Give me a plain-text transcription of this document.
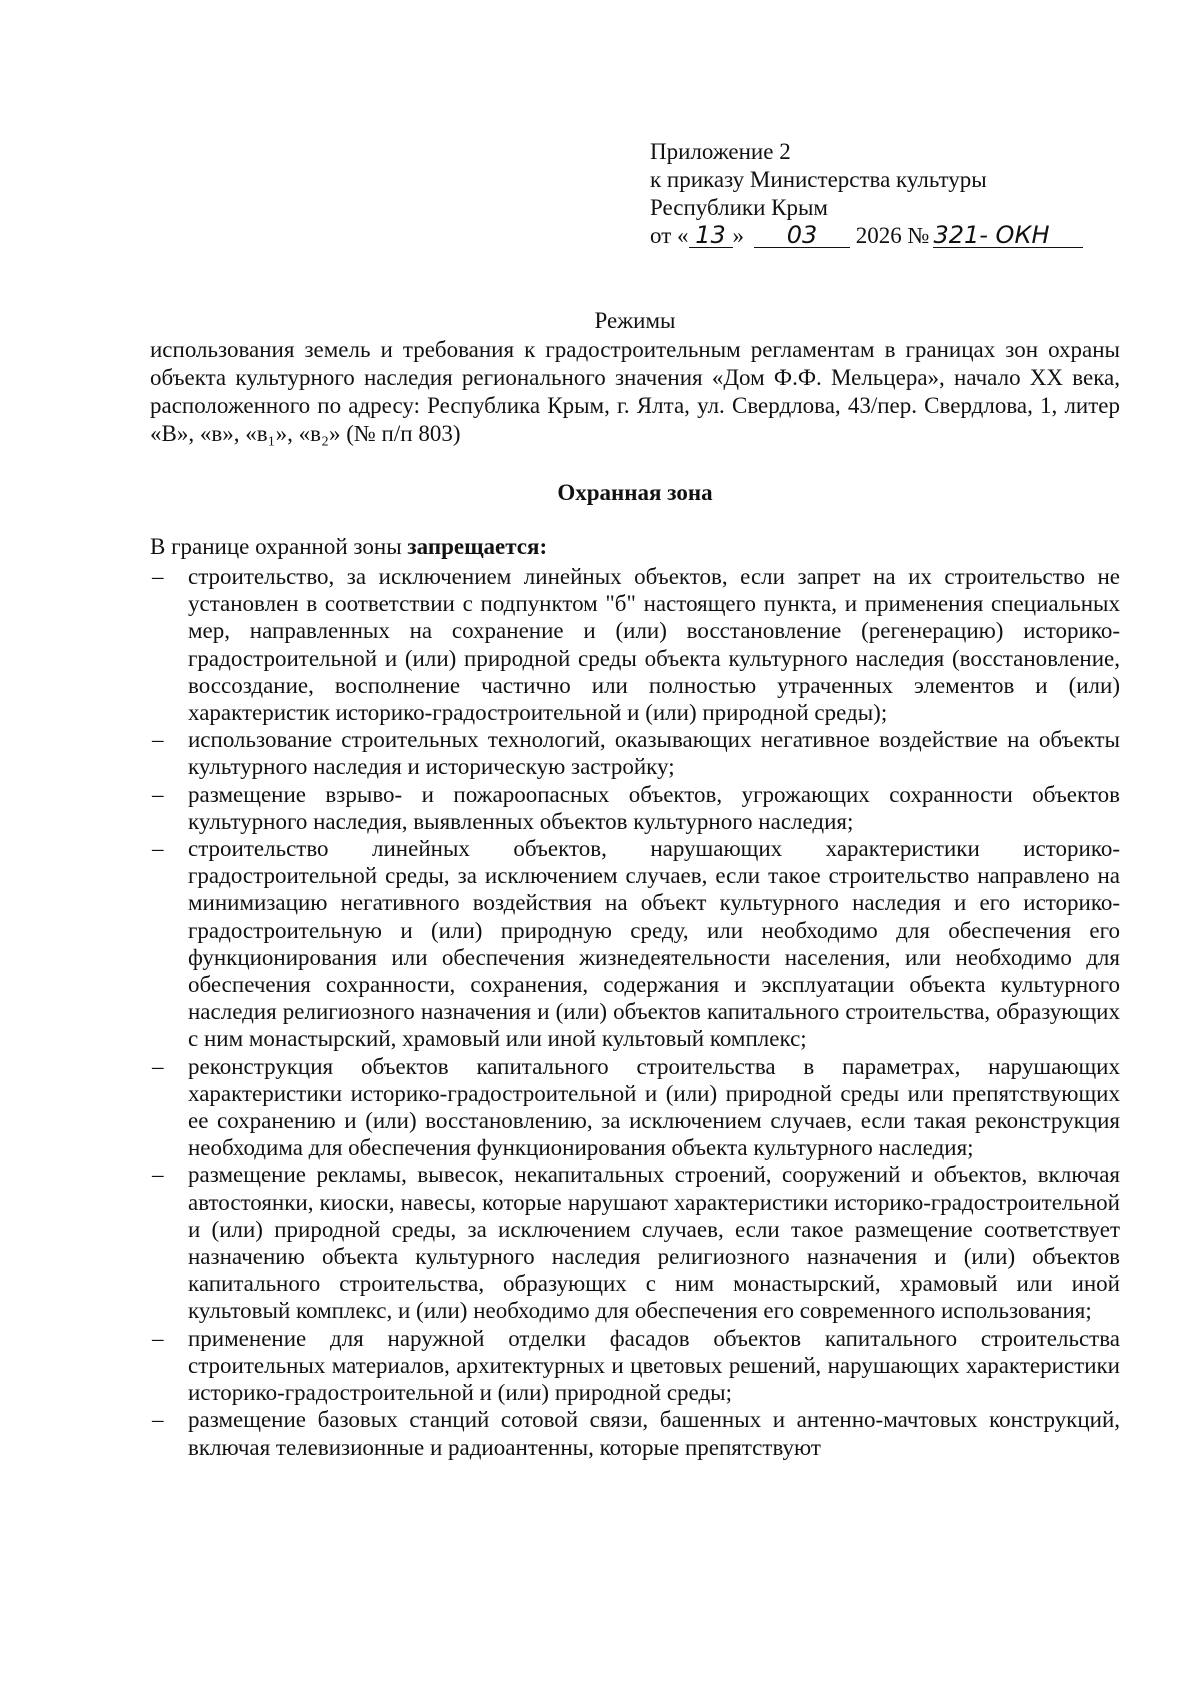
Приложение 2
к приказу Министерства культуры
Республики Крым
от « 13 » 03 2026 № 321- ОКН
Режимы
использования земель и требования к градостроительным регламентам в границах зон охраны объекта культурного наследия регионального значения «Дом Ф.Ф. Мельцера», начало XX века, расположенного по адресу: Республика Крым, г. Ялта, ул. Свердлова, 43/пер. Свердлова, 1, литер «В», «в», «в₁», «в₂» (№ п/п 803)
Охранная зона
В границе охранной зоны запрещается:
– строительство, за исключением линейных объектов, если запрет на их строительство не установлен в соответствии с подпунктом "б" настоящего пункта, и применения специальных мер, направленных на сохранение и (или) восстановление (регенерацию) историко-градостроительной и (или) природной среды объекта культурного наследия (восстановление, воссоздание, восполнение частично или полностью утраченных элементов и (или) характеристик историко-градостроительной и (или) природной среды);
– использование строительных технологий, оказывающих негативное воздействие на объекты культурного наследия и историческую застройку;
– размещение взрыво- и пожароопасных объектов, угрожающих сохранности объектов культурного наследия, выявленных объектов культурного наследия;
– строительство линейных объектов, нарушающих характеристики историко-градостроительной среды, за исключением случаев, если такое строительство направлено на минимизацию негативного воздействия на объект культурного наследия и его историко-градостроительную и (или) природную среду, или необходимо для обеспечения его функционирования или обеспечения жизнедеятельности населения, или необходимо для обеспечения сохранности, сохранения, содержания и эксплуатации объекта культурного наследия религиозного назначения и (или) объектов капитального строительства, образующих с ним монастырский, храмовый или иной культовый комплекс;
– реконструкция объектов капитального строительства в параметрах, нарушающих характеристики историко-градостроительной и (или) природной среды или препятствующих ее сохранению и (или) восстановлению, за исключением случаев, если такая реконструкция необходима для обеспечения функционирования объекта культурного наследия;
– размещение рекламы, вывесок, некапитальных строений, сооружений и объектов, включая автостоянки, киоски, навесы, которые нарушают характеристики историко-градостроительной и (или) природной среды, за исключением случаев, если такое размещение соответствует назначению объекта культурного наследия религиозного назначения и (или) объектов капитального строительства, образующих с ним монастырский, храмовый или иной культовый комплекс, и (или) необходимо для обеспечения его современного использования;
– применение для наружной отделки фасадов объектов капитального строительства строительных материалов, архитектурных и цветовых решений, нарушающих характеристики историко-градостроительной и (или) природной среды;
– размещение базовых станций сотовой связи, башенных и антенно-мачтовых конструкций, включая телевизионные и радиоантенны, которые препятствуют
